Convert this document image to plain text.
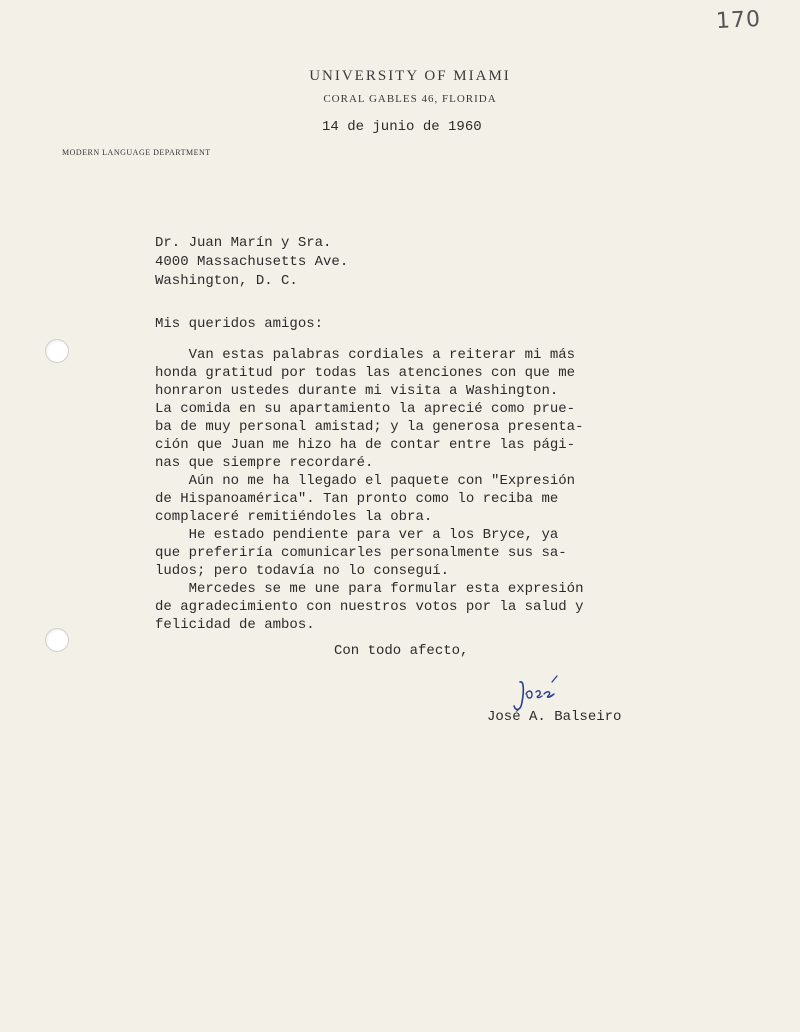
170
UNIVERSITY OF MIAMI
CORAL GABLES 46, FLORIDA
14 de junio de 1960
MODERN LANGUAGE DEPARTMENT
Dr. Juan Marín y Sra.
4000 Massachusetts Ave.
Washington, D. C.
Mis queridos amigos:
Van estas palabras cordiales a reiterar mi más
honda gratitud por todas las atenciones con que me
honraron ustedes durante mi visita a Washington.
La comida en su apartamiento la aprecié como prue-
ba de muy personal amistad; y la generosa presenta-
ción que Juan me hizo ha de contar entre las pági-
nas que siempre recordaré.
Aún no me ha llegado el paquete con "Expresión
de Hispanoamérica". Tan pronto como lo reciba me
complaceré remitiéndoles la obra.
He estado pendiente para ver a los Bryce, ya
que preferiría comunicarles personalmente sus sa-
ludos; pero todavía no lo conseguí.
Mercedes se me une para formular esta expresión
de agradecimiento con nuestros votos por la salud y
felicidad de ambos.
Con todo afecto,
José A. Balseiro
